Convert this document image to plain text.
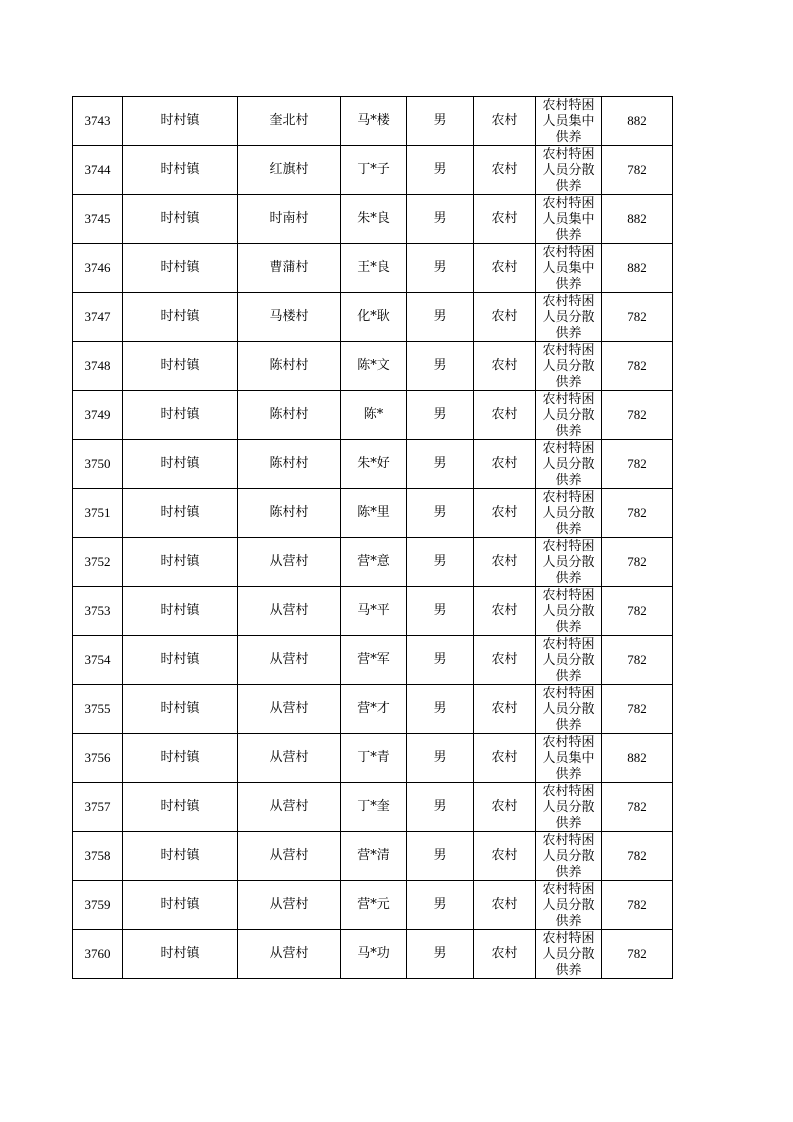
3743	时村镇	奎北村	马*楼	男	农村	农村特困人员集中供养	882
3744	时村镇	红旗村	丁*子	男	农村	农村特困人员分散供养	782
3745	时村镇	时南村	朱*良	男	农村	农村特困人员集中供养	882
3746	时村镇	曹蒲村	王*良	男	农村	农村特困人员集中供养	882
3747	时村镇	马楼村	化*耿	男	农村	农村特困人员分散供养	782
3748	时村镇	陈村村	陈*文	男	农村	农村特困人员分散供养	782
3749	时村镇	陈村村	陈*	男	农村	农村特困人员分散供养	782
3750	时村镇	陈村村	朱*好	男	农村	农村特困人员分散供养	782
3751	时村镇	陈村村	陈*里	男	农村	农村特困人员分散供养	782
3752	时村镇	从营村	营*意	男	农村	农村特困人员分散供养	782
3753	时村镇	从营村	马*平	男	农村	农村特困人员分散供养	782
3754	时村镇	从营村	营*军	男	农村	农村特困人员分散供养	782
3755	时村镇	从营村	营*才	男	农村	农村特困人员分散供养	782
3756	时村镇	从营村	丁*青	男	农村	农村特困人员集中供养	882
3757	时村镇	从营村	丁*奎	男	农村	农村特困人员分散供养	782
3758	时村镇	从营村	营*清	男	农村	农村特困人员分散供养	782
3759	时村镇	从营村	营*元	男	农村	农村特困人员分散供养	782
3760	时村镇	从营村	马*功	男	农村	农村特困人员分散供养	782
